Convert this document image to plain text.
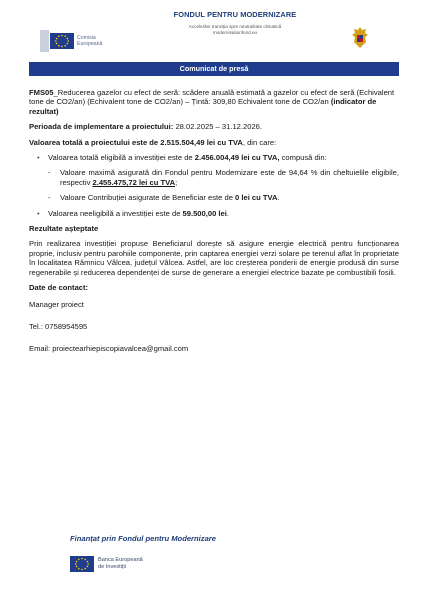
Comisia
Europeană
FONDUL PENTRU MODERNIZARE
Accelerăm tranziția spre neutralitate climatică
modernisationfund.eu
Comunicat de presă

FMS05_Reducerea gazelor cu efect de seră: scădere anuală estimată a gazelor cu efect de seră (Echivalent tone de CO2/an) (Echivalent tone de CO2/an) – Țintă: 309,80 Echivalent tone de CO2/an (indicator de rezultat)

Perioada de implementare a proiectului: 28.02.2025 – 31.12.2026.

Valoarea totală a proiectului este de 2.515.504,49 lei cu TVA, din care:

• Valoarea totală eligibilă a investiției este de 2.456.004,49 lei cu TVA, compusă din:

- Valoare maximă asigurată din Fondul pentru Modernizare este de 94,64 % din cheltuielile eligibile, respectiv 2.455.475,72 lei cu TVA;

- Valoare Contribuției asigurate de Beneficiar este de 0 lei cu TVA.

• Valoarea neeligibilă a investiției este de 59.500,00 lei.

Rezultate așteptate

Prin realizarea investiției propuse Beneficiarul dorește să asigure energie electrică pentru funcționarea proprie, inclusiv pentru parohiile componente, prin captarea energiei verzi solare pe terenul aflat în proprietate în localitatea Râmnicu Vâlcea, județul Vâlcea. Astfel, are loc creșterea ponderii de energie produsă din surse regenerabile și reducerea dependenței de surse de generare a energiei electrice bazate pe combustibili fosili.

Date de contact:

Manager proiect

Tel.: 0758954595

Email: proiectearhiepiscopiavalcea@gmail.com

Finanțat prin Fondul pentru Modernizare
Banca Europeană
de Investiții
